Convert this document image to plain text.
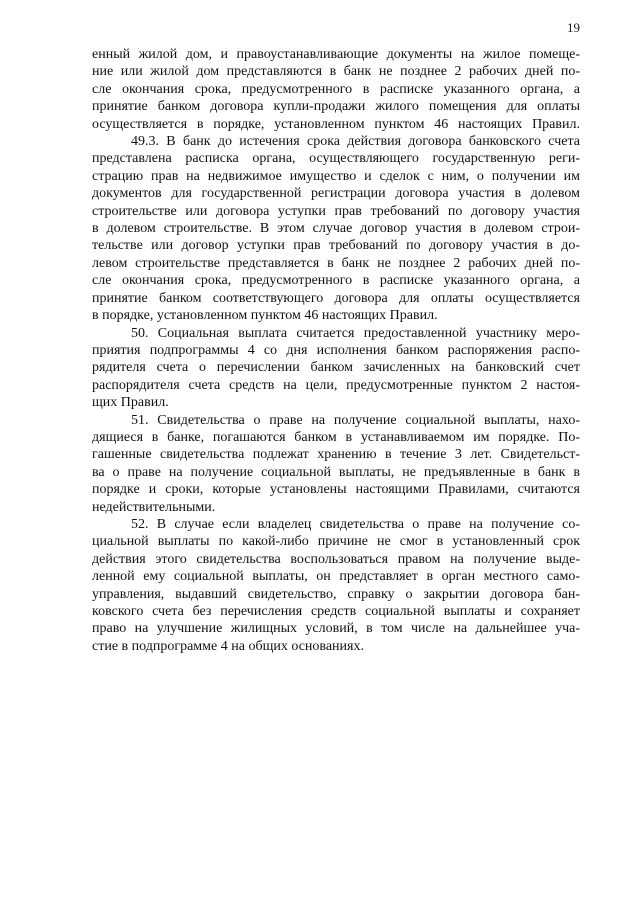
19
енный жилой дом, и правоустанавливающие документы на жилое помеще-
ние или жилой дом представляются в банк не позднее 2 рабочих дней по-
сле окончания срока, предусмотренного в расписке указанного органа, а
принятие банком договора купли-продажи жилого помещения для оплаты
осуществляется в порядке, установленном пунктом 46 настоящих Правил.
49.3. В банк до истечения срока действия договора банковского счета
представлена расписка органа, осуществляющего государственную реги-
страцию прав на недвижимое имущество и сделок с ним, о получении им
документов для государственной регистрации договора участия в долевом
строительстве или договора уступки прав требований по договору участия
в долевом строительстве. В этом случае договор участия в долевом строи-
тельстве или договор уступки прав требований по договору участия в до-
левом строительстве представляется в банк не позднее 2 рабочих дней по-
сле окончания срока, предусмотренного в расписке указанного органа, а
принятие банком соответствующего договора для оплаты осуществляется
в порядке, установленном пунктом 46 настоящих Правил.
50. Социальная выплата считается предоставленной участнику меро-
приятия подпрограммы 4 со дня исполнения банком распоряжения распо-
рядителя счета о перечислении банком зачисленных на банковский счет
распорядителя счета средств на цели, предусмотренные пунктом 2 настоя-
щих Правил.
51. Свидетельства о праве на получение социальной выплаты, нахо-
дящиеся в банке, погашаются банком в устанавливаемом им порядке. По-
гашенные свидетельства подлежат хранению в течение 3 лет. Свидетельст-
ва о праве на получение социальной выплаты, не предъявленные в банк в
порядке и сроки, которые установлены настоящими Правилами, считаются
недействительными.
52. В случае если владелец свидетельства о праве на получение со-
циальной выплаты по какой-либо причине не смог в установленный срок
действия этого свидетельства воспользоваться правом на получение выде-
ленной ему социальной выплаты, он представляет в орган местного само-
управления, выдавший свидетельство, справку о закрытии договора бан-
ковского счета без перечисления средств социальной выплаты и сохраняет
право на улучшение жилищных условий, в том числе на дальнейшее уча-
стие в подпрограмме 4 на общих основаниях.
